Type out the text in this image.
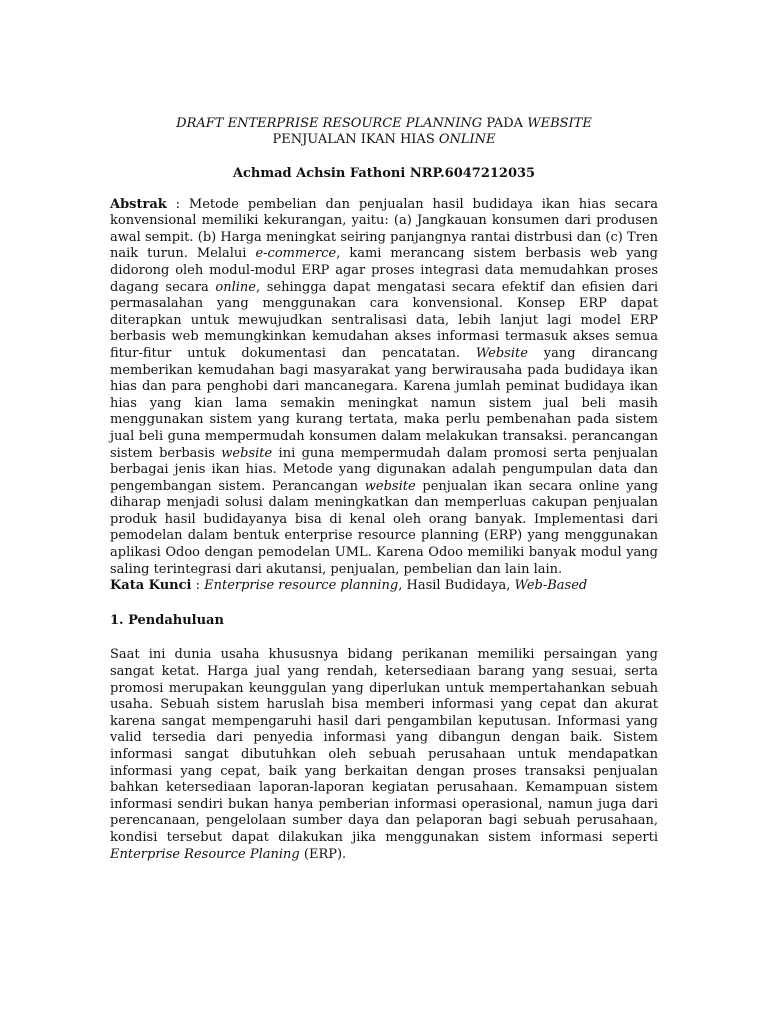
DRAFT ENTERPRISE RESOURCE PLANNING PADA WEBSITE
PENJUALAN IKAN HIAS ONLINE
Achmad Achsin Fathoni NRP.6047212035
Abstrak : Metode pembelian dan penjualan hasil budidaya ikan hias secara konvensional memiliki kekurangan, yaitu: (a) Jangkauan konsumen dari produsen awal sempit. (b) Harga meningkat seiring panjangnya rantai distrbusi dan (c) Tren naik turun. Melalui e-commerce, kami merancang sistem berbasis web yang didorong oleh modul-modul ERP agar proses integrasi data memudahkan proses dagang secara online, sehingga dapat mengatasi secara efektif dan efisien dari permasalahan yang menggunakan cara konvensional. Konsep ERP dapat diterapkan untuk mewujudkan sentralisasi data, lebih lanjut lagi model ERP berbasis web memungkinkan kemudahan akses informasi termasuk akses semua fitur-fitur untuk dokumentasi dan pencatatan. Website yang dirancang memberikan kemudahan bagi masyarakat yang berwirausaha pada budidaya ikan hias dan para penghobi dari mancanegara. Karena jumlah peminat budidaya ikan hias yang kian lama semakin meningkat namun sistem jual beli masih menggunakan sistem yang kurang tertata, maka perlu pembenahan pada sistem jual beli guna mempermudah konsumen dalam melakukan transaksi. perancangan sistem berbasis website ini guna mempermudah dalam promosi serta penjualan berbagai jenis ikan hias. Metode yang digunakan adalah pengumpulan data dan pengembangan sistem. Perancangan website penjualan ikan secara online yang diharap menjadi solusi dalam meningkatkan dan memperluas cakupan penjualan produk hasil budidayanya bisa di kenal oleh orang banyak. Implementasi dari pemodelan dalam bentuk enterprise resource planning (ERP) yang menggunakan aplikasi Odoo dengan pemodelan UML. Karena Odoo memiliki banyak modul yang saling terintegrasi dari akutansi, penjualan, pembelian dan lain lain.
Kata Kunci : Enterprise resource planning, Hasil Budidaya, Web-Based
1. Pendahuluan
Saat ini dunia usaha khususnya bidang perikanan memiliki persaingan yang sangat ketat. Harga jual yang rendah, ketersediaan barang yang sesuai, serta promosi merupakan keunggulan yang diperlukan untuk mempertahankan sebuah usaha. Sebuah sistem haruslah bisa memberi informasi yang cepat dan akurat karena sangat mempengaruhi hasil dari pengambilan keputusan. Informasi yang valid tersedia dari penyedia informasi yang dibangun dengan baik. Sistem informasi sangat dibutuhkan oleh sebuah perusahaan untuk mendapatkan informasi yang cepat, baik yang berkaitan dengan proses transaksi penjualan bahkan ketersediaan laporan-laporan kegiatan perusahaan. Kemampuan sistem informasi sendiri bukan hanya pemberian informasi operasional, namun juga dari perencanaan, pengelolaan sumber daya dan pelaporan bagi sebuah perusahaan, kondisi tersebut dapat dilakukan jika menggunakan sistem informasi seperti Enterprise Resource Planing (ERP).
